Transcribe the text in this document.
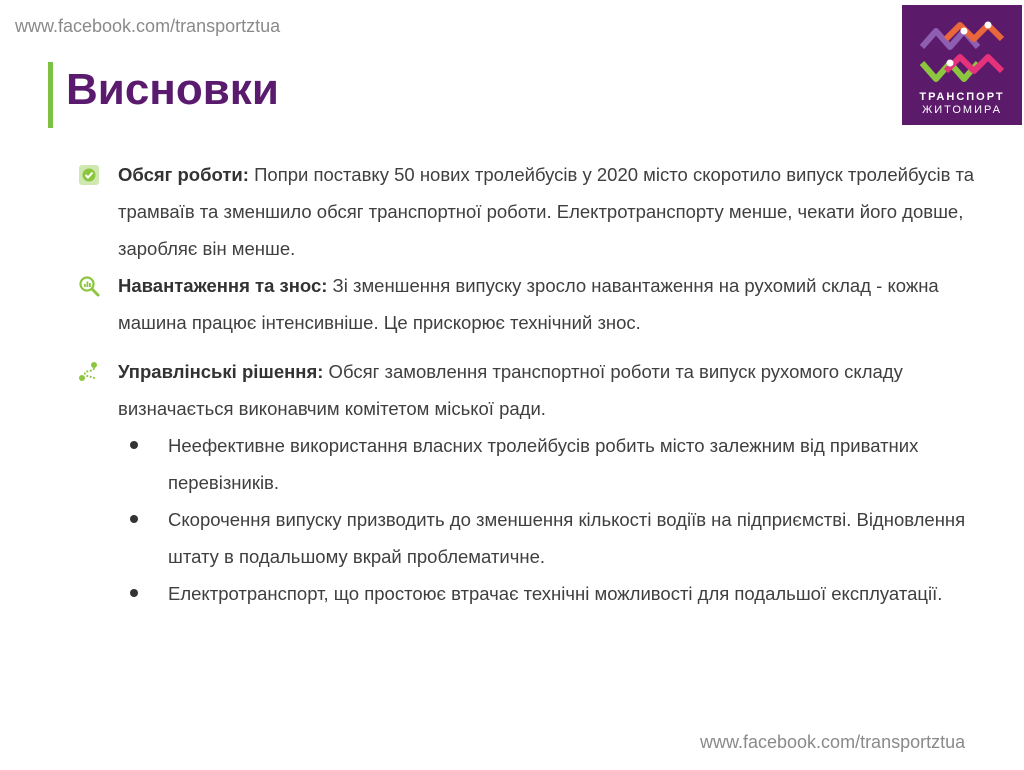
www.facebook.com/transportztua
Висновки	ТРАНСПОРТ
ЖИТОМИРА
Обсяг роботи: Попри поставку 50 нових тролейбусів у 2020 місто скоротило випуск тролейбусів та трамваїв та зменшило обсяг транспортної роботи. Електротранспорту менше, чекати його довше, заробляє він менше.
Навантаження та знос: Зі зменшення випуску зросло навантаження на рухомий склад - кожна машина працює інтенсивніше. Це прискорює технічний знос.
Управлінські рішення: Обсяг замовлення транспортної роботи та випуск рухомого складу визначається виконавчим комітетом міської ради.
Неефективне використання власних тролейбусів робить місто залежним від приватних перевізників.
Скорочення випуску призводить до зменшення кількості водіїв на підприємстві. Відновлення штату в подальшому вкрай проблематичне.
Електротранспорт, що простоює втрачає технічні можливості для подальшої експлуатації.
www.facebook.com/transportztua
